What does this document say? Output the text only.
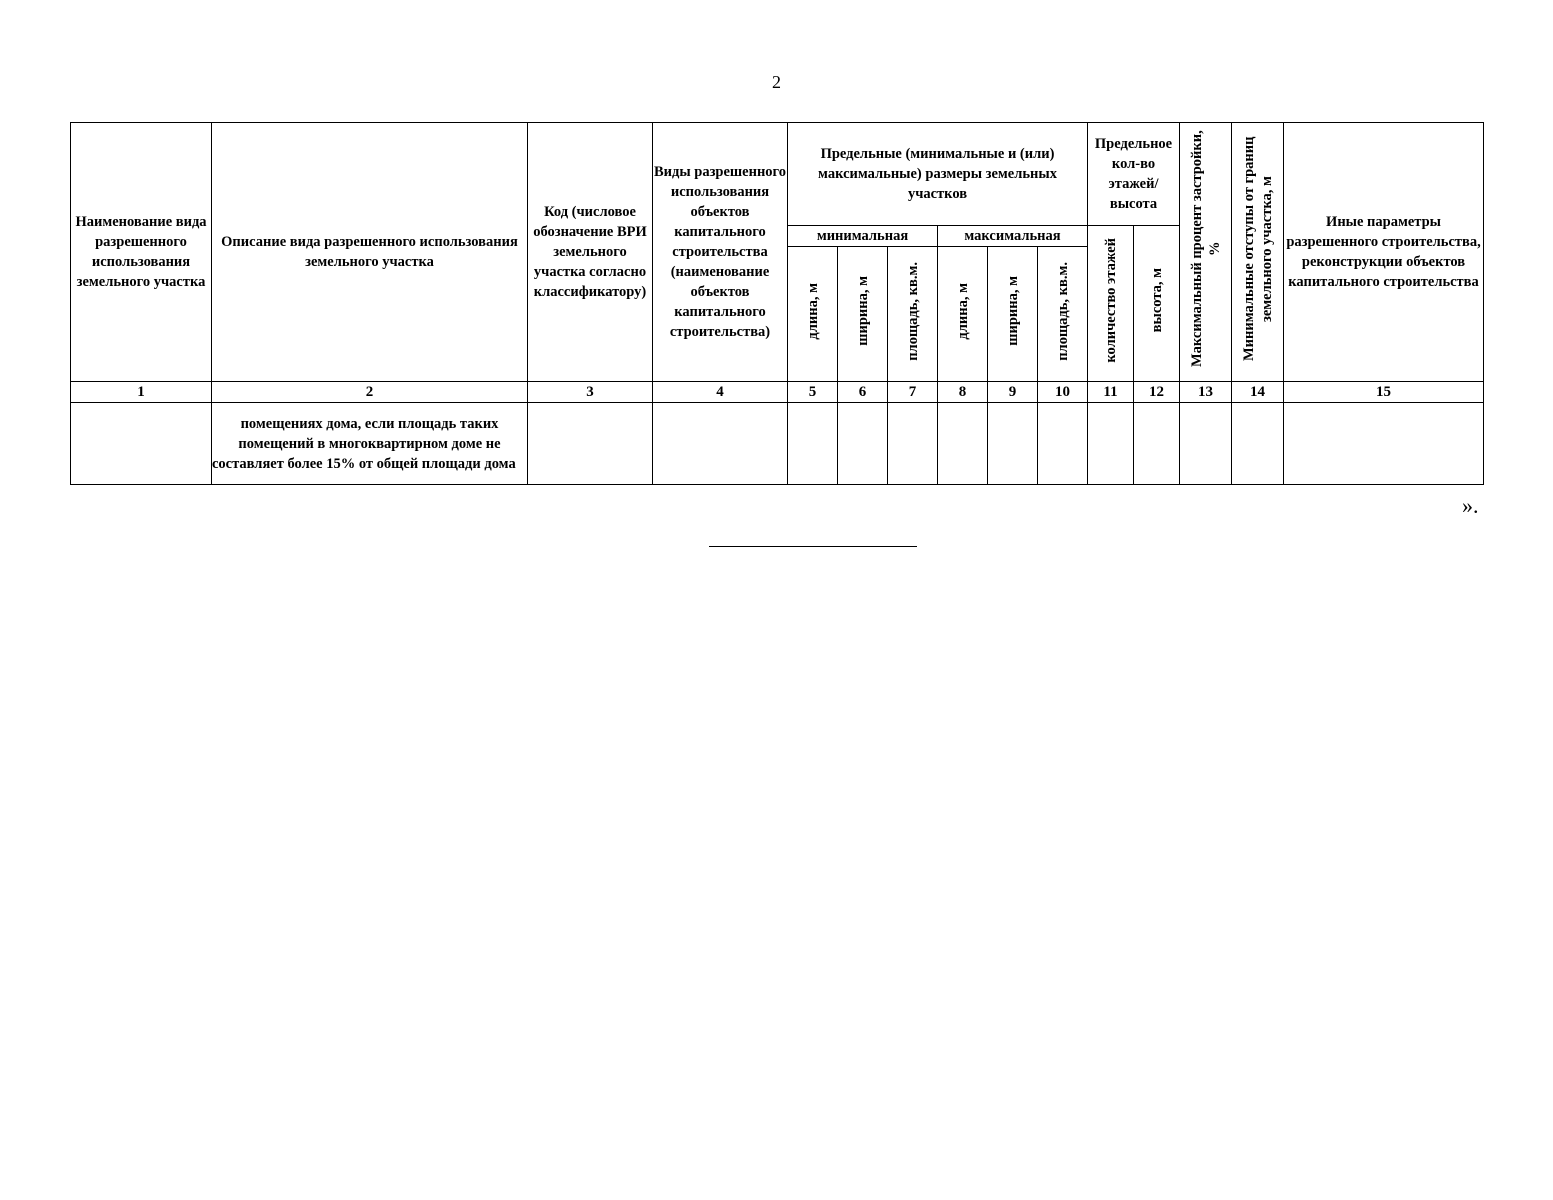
2
Наименование вида разрешенного использования земельного участка	Описание вида разрешенного использования земельного участка	Код (числовое обозначение ВРИ земельного участка согласно классификатору)	Виды разрешенного использования объектов капитального строительства (наименование объектов капитального строительства)	Предельные (минимальные и (или) максимальные) размеры земельных участков						Предельное кол-во этажей/ высота		Максимальный процент застройки, %	Минимальные отступы от границ земельного участка, м	Иные параметры разрешенного строительства, реконструкции объектов капитального строительства
				минимальная			максимальная			количество этажей	высота, м			
				длина, м	ширина, м	площадь, кв.м.	длина, м	ширина, м	площадь, кв.м.					
1	2	3	4	5	6	7	8	9	10	11	12	13	14	15
	помещениях дома, если площадь таких помещений в многоквартирном доме не составляет более 15% от общей площади дома													
».
